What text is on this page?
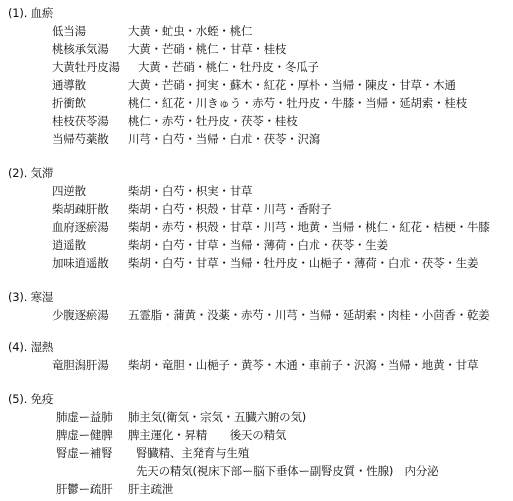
(1). 血瘀
低当湯	大黄・虻虫・水蛭・桃仁
桃核承気湯 大黄・芒硝・桃仁・甘草・桂枝
大黄牡丹皮湯 大黄・芒硝・桃仁・牡丹皮・冬瓜子
通導散	大黄・芒硝・抲実・蘇木・紅花・厚朴・当帰・陳皮・甘草・木通
折衝飲	桃仁・紅花・川きゅう・赤芍・牡丹皮・牛膝・当帰・延胡索・桂枝
桂枝茯苓湯 桃仁・赤芍・牡丹皮・茯苓・桂枝
当帰芍薬散 川芎・白芍・当帰・白朮・茯苓・沢瀉
(2). 気滞
四逆散	柴胡・白芍・枳実・甘草
柴胡疎肝散 柴胡・白芍・枳殻・甘草・川芎・香附子
血府逐瘀湯 柴胡・赤芍・枳殻・甘草・川芎・地黄・当帰・桃仁・紅花・桔梗・牛膝
逍遥散	柴胡・白芍・甘草・当帰・薄荷・白朮・茯苓・生姜
加味逍遥散 柴胡・白芍・甘草・当帰・牡丹皮・山梔子・薄荷・白朮・茯苓・生姜
(3). 寒湿
少腹逐瘀湯 五霊脂・蒲黄・没薬・赤芍・川芎・当帰・延胡索・肉桂・小茴香・乾姜
(4). 湿熱
竜胆潟肝湯 柴胡・竜胆・山梔子・黄芩・木通・車前子・沢瀉・当帰・地黄・甘草
(5). 免疫
肺虚ー益肺 肺主気(衛気・宗気・五臓六腑の気)
脾虚ー健脾 脾主運化・昇精　　後天の精気
腎虚ー補腎 腎臓精、主発育与生殖
先天の精気(視床下部ー脳下垂体ー副腎皮質・性腺)　内分泌
肝鬱ー疏肝 肝主疏泄
